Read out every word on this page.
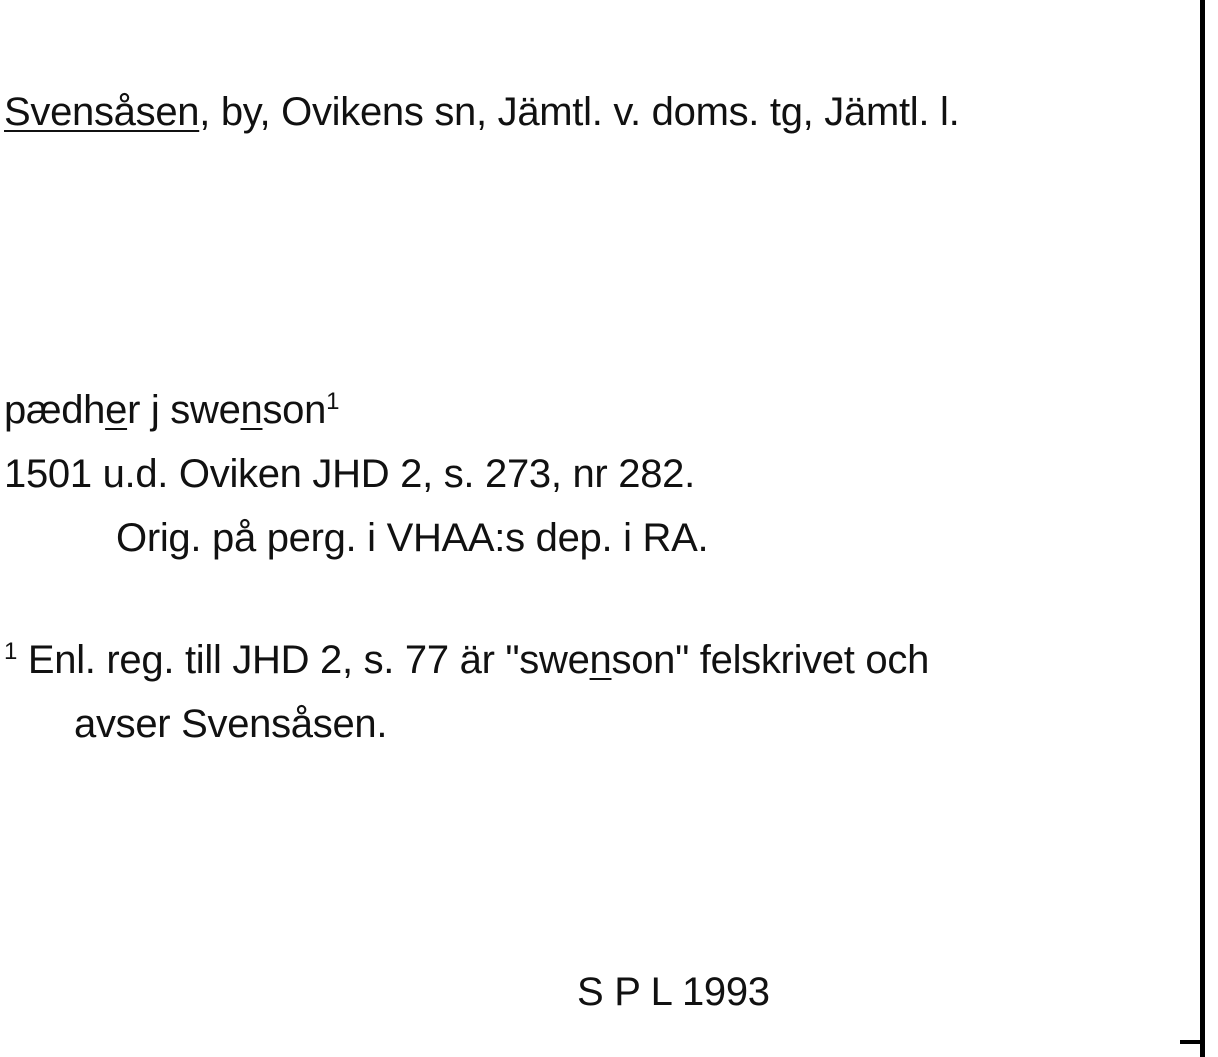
Svensåsen, by, Ovikens sn, Jämtl. v. doms. tg, Jämtl. l.
pædher j swenson$^1$
1501 u.d. Oviken JHD 2, s. 273, nr 282.
Orig. på perg. i VHAA:s dep. i RA.
$^1$ Enl. reg. till JHD 2, s. 77 är "swenson" felskrivet och
avser Svensåsen.
S P L 1993
